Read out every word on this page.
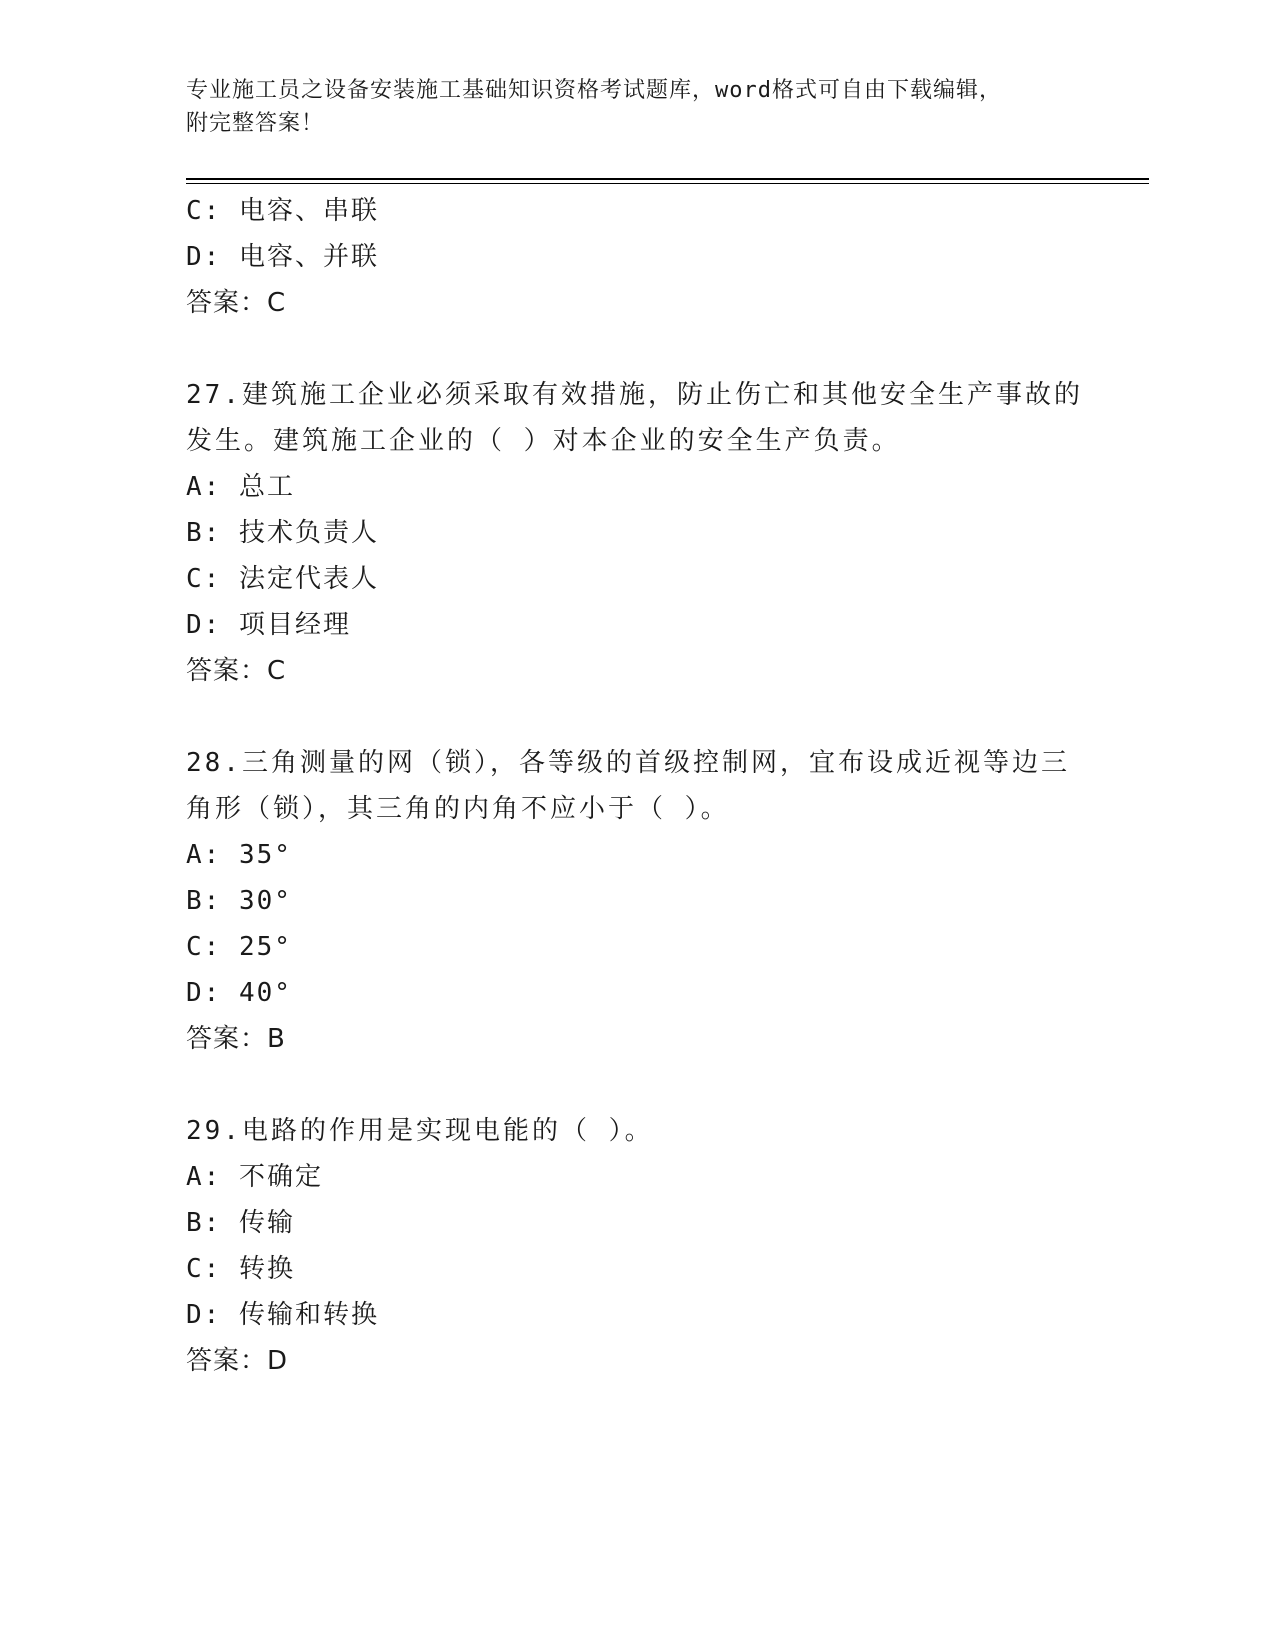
专业施工员之设备安装施工基础知识资格考试题库，word格式可自由下载编辑，
附完整答案！
C: 电容、串联
D: 电容、并联
答案：C
27.建筑施工企业必须采取有效措施，防止伤亡和其他安全生产事故的
发生。建筑施工企业的（ ）对本企业的安全生产负责。
A: 总工
B: 技术负责人
C: 法定代表人
D: 项目经理
答案：C
28.三角测量的网（锁），各等级的首级控制网，宜布设成近视等边三
角形（锁），其三角的内角不应小于（ ）。
A: 35°
B: 30°
C: 25°
D: 40°
答案：B
29.电路的作用是实现电能的（ ）。
A: 不确定
B: 传输
C: 转换
D: 传输和转换
答案：D
